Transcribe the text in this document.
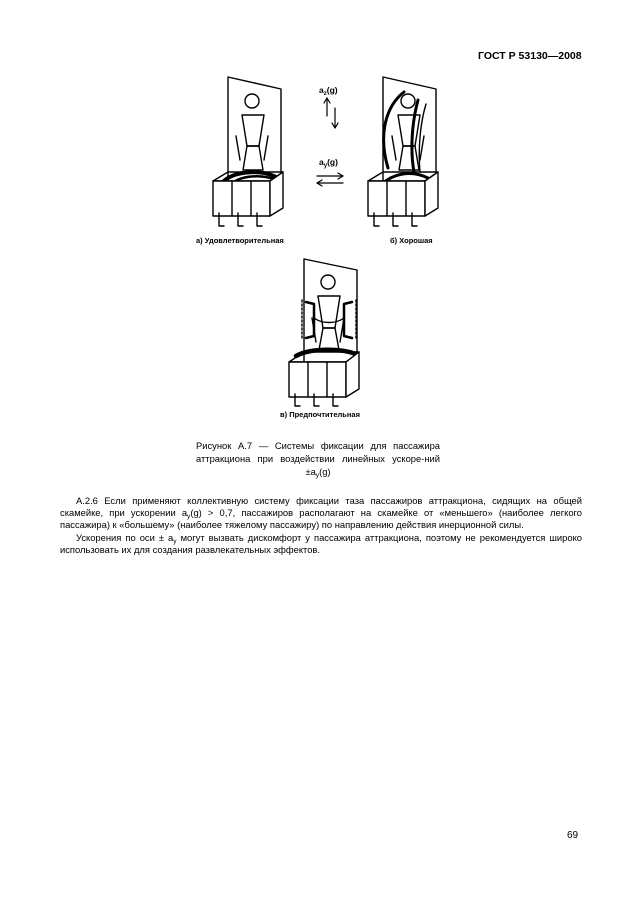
ГОСТ Р 53130—2008
$a_z(g)$
$a_y(g)$
а) Удовлетворительная	б) Хорошая
в) Предпочтительная
Рисунок А.7 — Системы фиксации для пассажира аттракциона при воздействии линейных ускоре-ний $\pm a_y(g)$
А.2.6 Если применяют коллективную систему фиксации таза пассажиров аттракциона, сидящих на общей скамейке, при ускорении $a_y(g) > 0,7$, пассажиров располагают на скамейке от «меньшего» (наиболее легкого пассажира) к «большему» (наиболее тяжелому пассажиру) по направлению действия инерционной силы.
Ускорения по оси ± $a_y$ могут вызвать дискомфорт у пассажира аттракциона, поэтому не рекомендуется широко использовать их для создания развлекательных эффектов.
69
